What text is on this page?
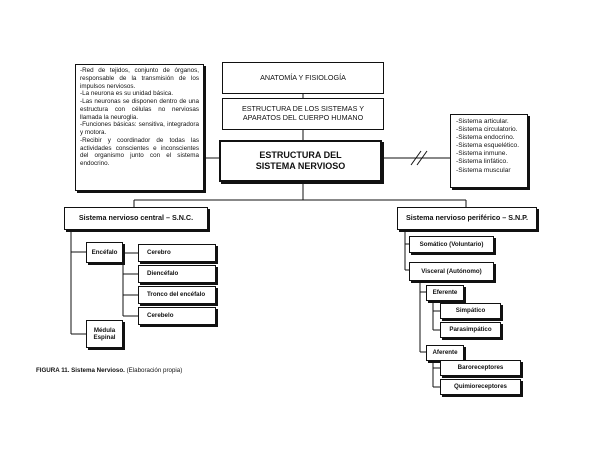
ANATOMÍA Y FISIOLOGÍA
ESTRUCTURA DE LOS SISTEMAS Y
APARATOS DEL CUERPO HUMANO
ESTRUCTURA DEL
SISTEMA NERVIOSO
-Red de tejidos, conjunto de órganos, responsable de la transmisión de los impulsos nerviosos.
-La neurona es su unidad básica.
-Las neuronas se disponen dentro de una estructura con células no nerviosas llamada la neuroglia.
-Funciones básicas: sensitiva, integradora y motora.
-Recibir y coordinador de todas las actividades conscientes e inconscientes del organismo junto con el sistema endocrino.
-Sistema articular.
-Sistema circulatorio.
-Sistema endocrino.
-Sistema esquelético.
-Sistema inmune.
-Sistema linfático.
-Sistema muscular
Sistema nervioso central – S.N.C.
Encéfalo	Cerebro
Diencéfalo
Tronco del encéfalo
Cerebelo
Médula
Espinal
Sistema nervioso periférico – S.N.P.
Somático (Voluntario)
Visceral (Autónomo)
Eferente
Simpático
Parasimpático
Aferente
Baroreceptores
Quimioreceptores
FIGURA 11. Sistema Nervioso. (Elaboración propia)
